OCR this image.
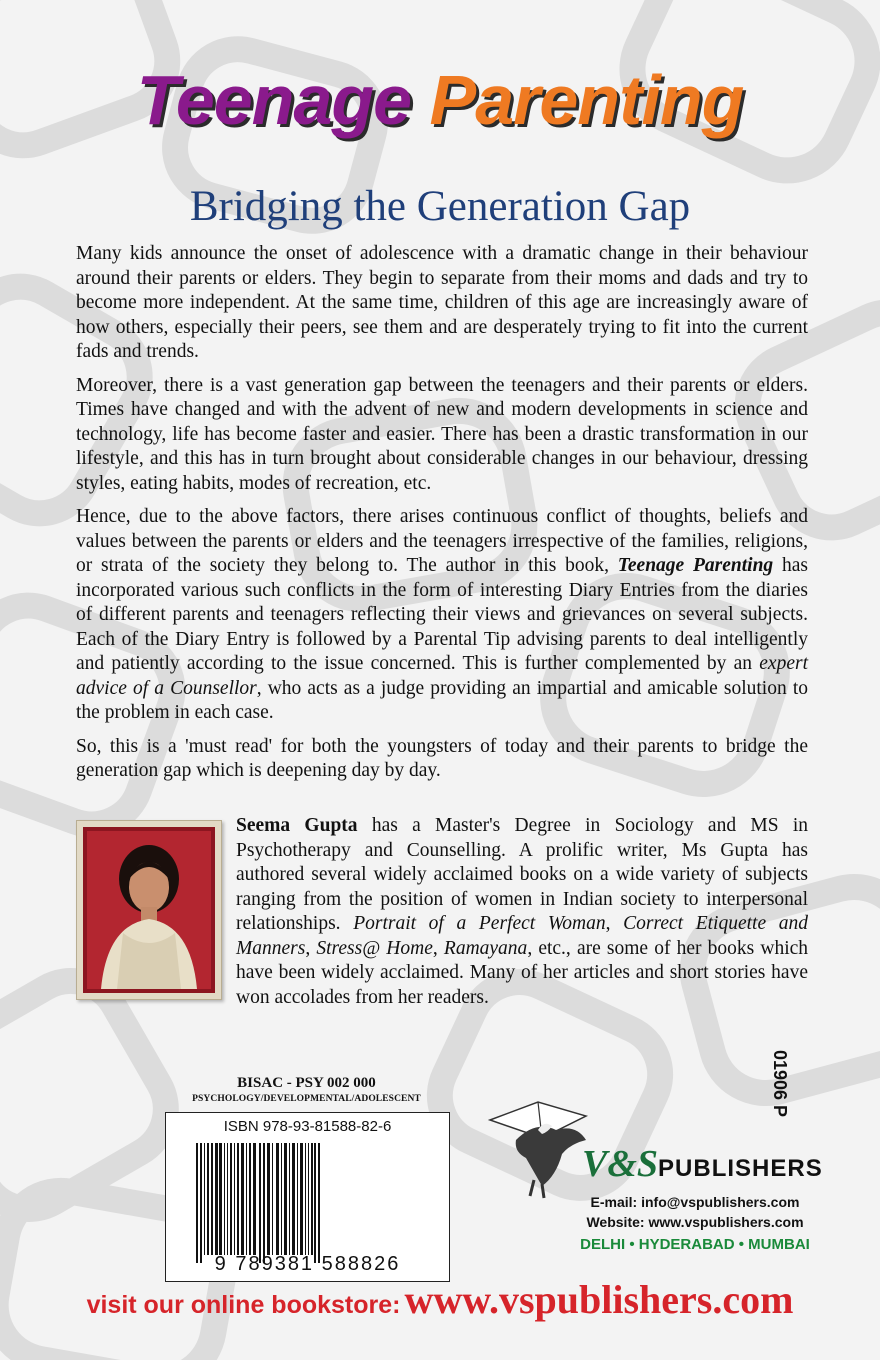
Teenage Parenting
Bridging the Generation Gap

Many kids announce the onset of adolescence with a dramatic change in their behaviour around their parents or elders. They begin to separate from their moms and dads and try to become more independent. At the same time, children of this age are increasingly aware of how others, especially their peers, see them and are desperately trying to fit into the current fads and trends.

Moreover, there is a vast generation gap between the teenagers and their parents or elders. Times have changed and with the advent of new and modern developments in science and technology, life has become faster and easier. There has been a drastic transformation in our lifestyle, and this has in turn brought about considerable changes in our behaviour, dressing styles, eating habits, modes of recreation, etc.

Hence, due to the above factors, there arises continuous conflict of thoughts, beliefs and values between the parents or elders and the teenagers irrespective of the families, religions, or strata of the society they belong to. The author in this book, Teenage Parenting has incorporated various such conflicts in the form of interesting Diary Entries from the diaries of different parents and teenagers reflecting their views and grievances on several subjects. Each of the Diary Entry is followed by a Parental Tip advising parents to deal intelligently and patiently according to the issue concerned. This is further complemented by an expert advice of a Counsellor, who acts as a judge providing an impartial and amicable solution to the problem in each case.

So, this is a 'must read' for both the youngsters of today and their parents to bridge the generation gap which is deepening day by day.

Seema Gupta has a Master's Degree in Sociology and MS in Psychotherapy and Counselling. A prolific writer, Ms Gupta has authored several widely acclaimed books on a wide variety of subjects ranging from the position of women in Indian society to interpersonal relationships. Portrait of a Perfect Woman, Correct Etiquette and Manners, Stress@ Home, Ramayana, etc., are some of her books which have been widely acclaimed. Many of her articles and short stories have won accolades from her readers.

BISAC - PSY 002 000
PSYCHOLOGY/DEVELOPMENTAL/ADOLESCENT
ISBN 978-93-81588-82-6
9 789381 588826
01906 P
V&SPUBLISHERS
E-mail: info@vspublishers.com
Website: www.vspublishers.com
DELHI • HYDERABAD • MUMBAI
visit our online bookstore: www.vspublishers.com
